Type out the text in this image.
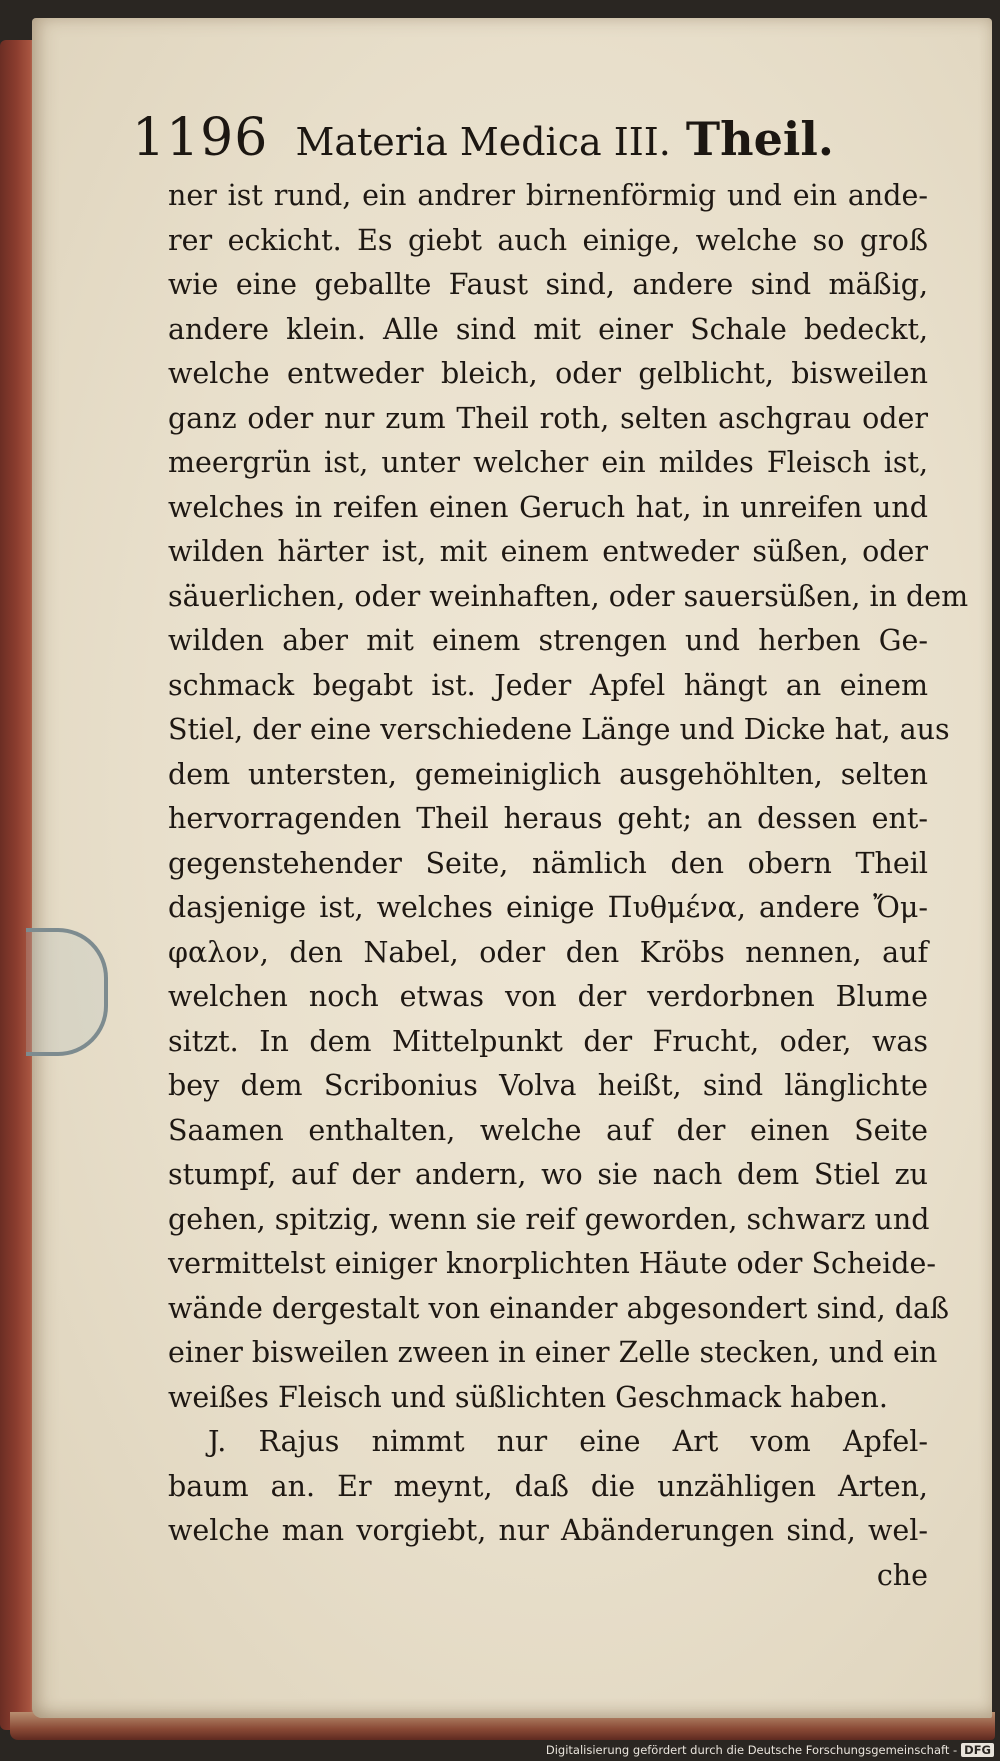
1196 Materia Medica III. Theil.
ner ist rund, ein andrer birnenförmig und ein ande-
rer eckicht. Es giebt auch einige, welche so groß
wie eine geballte Faust sind, andere sind mäßig,
andere klein. Alle sind mit einer Schale bedeckt,
welche entweder bleich, oder gelblicht, bisweilen
ganz oder nur zum Theil roth, selten aschgrau oder
meergrün ist, unter welcher ein mildes Fleisch ist,
welches in reifen einen Geruch hat, in unreifen und
wilden härter ist, mit einem entweder süßen, oder
säuerlichen, oder weinhaften, oder sauersüßen, in dem
wilden aber mit einem strengen und herben Ge-
schmack begabt ist. Jeder Apfel hängt an einem
Stiel, der eine verschiedene Länge und Dicke hat, aus
dem untersten, gemeiniglich ausgehöhlten, selten
hervorragenden Theil heraus geht; an dessen ent-
gegenstehender Seite, nämlich den obern Theil
dasjenige ist, welches einige Πυθμένα, andere Ὄμ-
φαλον, den Nabel, oder den Kröbs nennen, auf
welchen noch etwas von der verdorbnen Blume
sitzt. In dem Mittelpunkt der Frucht, oder, was
bey dem Scribonius Volva heißt, sind länglichte
Saamen enthalten, welche auf der einen Seite
stumpf, auf der andern, wo sie nach dem Stiel zu
gehen, spitzig, wenn sie reif geworden, schwarz und
vermittelst einiger knorplichten Häute oder Scheide-
wände dergestalt von einander abgesondert sind, daß
einer bisweilen zween in einer Zelle stecken, und ein
weißes Fleisch und süßlichten Geschmack haben.
J. Rajus nimmt nur eine Art vom Apfel-
baum an. Er meynt, daß die unzähligen Arten,
welche man vorgiebt, nur Abänderungen sind, wel-
che
Digitalisierung gefördert durch die Deutsche Forschungsgemeinschaft - DFG
